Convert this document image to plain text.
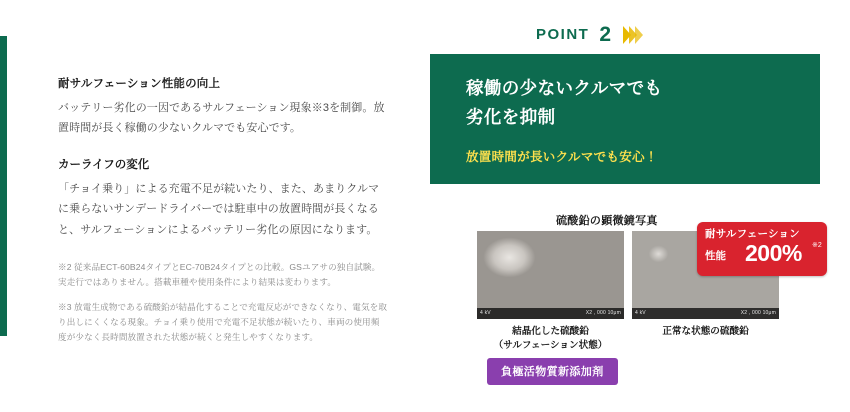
耐サルフェーション性能の向上

バッテリー劣化の一因であるサルフェーション現象※3を制御。放置時間が長く稼働の少ないクルマでも安心です。

カーライフの変化

「チョイ乗り」による充電不足が続いたり、また、あまりクルマに乗らないサンデードライバーでは駐車中の放置時間が長くなると、サルフェーションによるバッテリー劣化の原因になります。

※2 従来品ECT-60B24タイプとEC-70B24タイプとの比較。GSユアサの独自試験。実走行ではありません。搭載車種や使用条件により結果は変わります。

※3 放電生成物である硫酸鉛が結晶化することで充電反応ができなくなり、電気を取り出しにくくなる現象。チョイ乗り使用で充電不足状態が続いたり、車両の使用頻度が少なく長時間放置された状態が続くと発生しやすくなります。

POINT 2
稼働の少ないクルマでも
劣化を抑制
放置時間が長いクルマでも安心！
硫酸鉛の顕微鏡写真
4 kV	X2 , 000 10μm
結晶化した硫酸鉛
（サルフェーション状態）
4 kV	X2 , 000 10μm
正常な状態の硫酸鉛
耐サルフェーション
性能 200% ※2
負極活物質新添加剤
